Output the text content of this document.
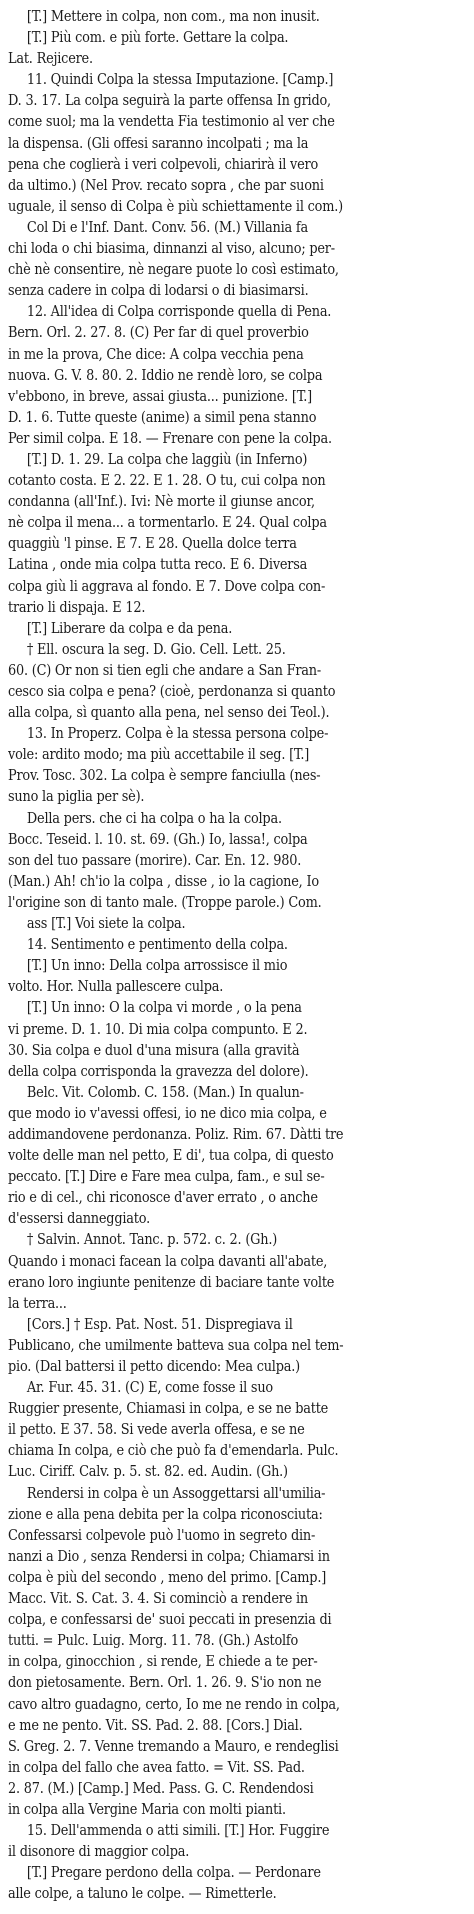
[T.] Mettere in colpa, non com., ma non inusit.
[T.] Più com. e più forte. Gettare la colpa.
Lat. Rejicere.
11. Quindi Colpa la stessa Imputazione. [Camp.]
D. 3. 17. La colpa seguirà la parte offensa In grido,
come suol; ma la vendetta Fia testimonio al ver che
la dispensa. (Gli offesi saranno incolpati ; ma la
pena che coglierà i veri colpevoli, chiarirà il vero
da ultimo.) (Nel Prov. recato sopra , che par suoni
uguale, il senso di Colpa è più schiettamente il com.)
Col Di e l'Inf. Dant. Conv. 56. (M.) Villania fa
chi loda o chi biasima, dinnanzi al viso, alcuno; per-
chè nè consentire, nè negare puote lo così estimato,
senza cadere in colpa di lodarsi o di biasimarsi.
12. All'idea di Colpa corrisponde quella di Pena.
Bern. Orl. 2. 27. 8. (C) Per far di quel proverbio
in me la prova, Che dice: A colpa vecchia pena
nuova. G. V. 8. 80. 2. Iddio ne rendè loro, se colpa
v'ebbono, in breve, assai giusta... punizione. [T.]
D. 1. 6. Tutte queste (anime) a simil pena stanno
Per simil colpa. E 18. — Frenare con pene la colpa.
[T.] D. 1. 29. La colpa che laggiù (in Inferno)
cotanto costa. E 2. 22. E 1. 28. O tu, cui colpa non
condanna (all'Inf.). Ivi: Nè morte il giunse ancor,
nè colpa il mena... a tormentarlo. E 24. Qual colpa
quaggiù 'l pinse. E 7. E 28. Quella dolce terra
Latina , onde mia colpa tutta reco. E 6. Diversa
colpa giù li aggrava al fondo. E 7. Dove colpa con-
trario li dispaja. E 12.
[T.] Liberare da colpa e da pena.
† Ell. oscura la seg. D. Gio. Cell. Lett. 25.
60. (C) Or non si tien egli che andare a San Fran-
cesco sia colpa e pena? (cioè, perdonanza si quanto
alla colpa, sì quanto alla pena, nel senso dei Teol.).
13. In Properz. Colpa è la stessa persona colpe-
vole: ardito modo; ma più accettabile il seg. [T.]
Prov. Tosc. 302. La colpa è sempre fanciulla (nes-
suno la piglia per sè).
Della pers. che ci ha colpa o ha la colpa.
Bocc. Teseid. l. 10. st. 69. (Gh.) Io, lassa!, colpa
son del tuo passare (morire). Car. En. 12. 980.
(Man.) Ah! ch'io la colpa , disse , io la cagione, Io
l'origine son di tanto male. (Troppe parole.) Com.
ass [T.] Voi siete la colpa.
14. Sentimento e pentimento della colpa.
[T.] Un inno: Della colpa arrossisce il mio
volto. Hor. Nulla pallescere culpa.
[T.] Un inno: O la colpa vi morde , o la pena
vi preme. D. 1. 10. Di mia colpa compunto. E 2.
30. Sia colpa e duol d'una misura (alla gravità
della colpa corrisponda la gravezza del dolore).
Belc. Vit. Colomb. C. 158. (Man.) In qualun-
que modo io v'avessi offesi, io ne dico mia colpa, e
addimandovene perdonanza. Poliz. Rim. 67. Dàtti tre
volte delle man nel petto, E di', tua colpa, di questo
peccato. [T.] Dire e Fare mea culpa, fam., e sul se-
rio e di cel., chi riconosce d'aver errato , o anche
d'essersi danneggiato.
† Salvin. Annot. Tanc. p. 572. c. 2. (Gh.)
Quando i monaci facean la colpa davanti all'abate,
erano loro ingiunte penitenze di baciare tante volte
la terra...
[Cors.] † Esp. Pat. Nost. 51. Dispregiava il
Publicano, che umilmente batteva sua colpa nel tem-
pio. (Dal battersi il petto dicendo: Mea culpa.)
Ar. Fur. 45. 31. (C) E, come fosse il suo
Ruggier presente, Chiamasi in colpa, e se ne batte
il petto. E 37. 58. Si vede averla offesa, e se ne
chiama In colpa, e ciò che può fa d'emendarla. Pulc.
Luc. Ciriff. Calv. p. 5. st. 82. ed. Audin. (Gh.)
Rendersi in colpa è un Assoggettarsi all'umilia-
zione e alla pena debita per la colpa riconosciuta:
Confessarsi colpevole può l'uomo in segreto din-
nanzi a Dio , senza Rendersi in colpa; Chiamarsi in
colpa è più del secondo , meno del primo. [Camp.]
Macc. Vit. S. Cat. 3. 4. Si cominciò a rendere in
colpa, e confessarsi de' suoi peccati in presenzia di
tutti. = Pulc. Luig. Morg. 11. 78. (Gh.) Astolfo
in colpa, ginocchion , si rende, E chiede a te per-
don pietosamente. Bern. Orl. 1. 26. 9. S'io non ne
cavo altro guadagno, certo, Io me ne rendo in colpa,
e me ne pento. Vit. SS. Pad. 2. 88. [Cors.] Dial.
S. Greg. 2. 7. Venne tremando a Mauro, e rendeglisi
in colpa del fallo che avea fatto. = Vit. SS. Pad.
2. 87. (M.) [Camp.] Med. Pass. G. C. Rendendosi
in colpa alla Vergine Maria con molti pianti.
15. Dell'ammenda o atti simili. [T.] Hor. Fuggire
il disonore di maggior colpa.
[T.] Pregare perdono della colpa. — Perdonare
alle colpe, a taluno le colpe. — Rimetterle.
